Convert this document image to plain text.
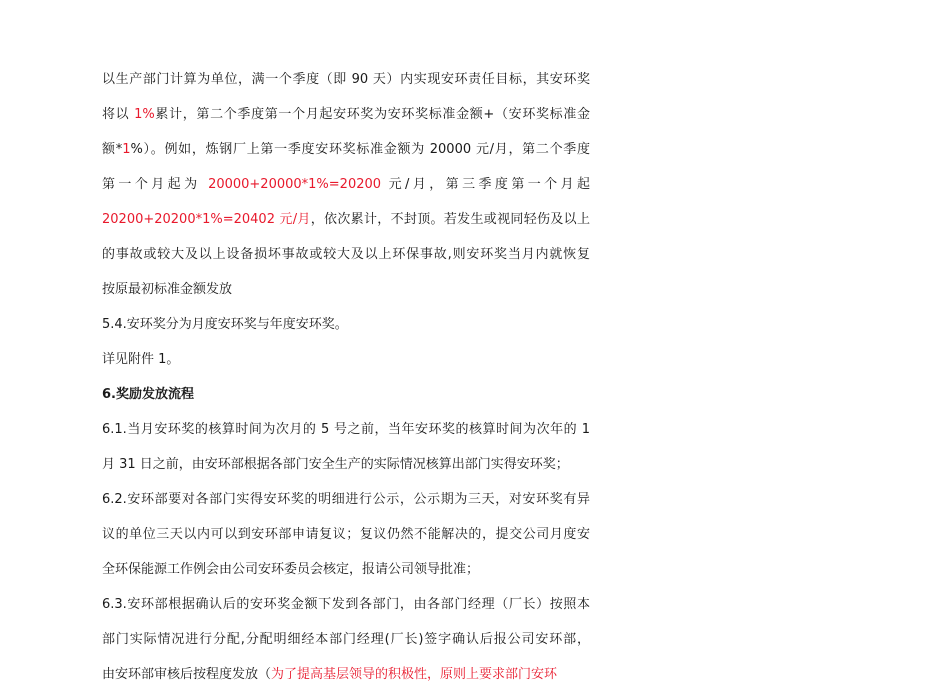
以生产部门计算为单位，满一个季度（即 90 天）内实现安环责任目标，其安环奖
将以 1%累计，第二个季度第一个月起安环奖为安环奖标准金额+（安环奖标准金
额*1%）。例如，炼钢厂上第一季度安环奖标准金额为 20000 元/月，第二个季度
第一个月起为 20000+20000*1%=20200 元/月，第三季度第一个月起
20200+20200*1%=20402 元/月，依次累计，不封顶。若发生或视同轻伤及以上
的事故或较大及以上设备损坏事故或较大及以上环保事故,则安环奖当月内就恢复
按原最初标准金额发放
5.4.安环奖分为月度安环奖与年度安环奖。
详见附件 1。
6.奖励发放流程
6.1.当月安环奖的核算时间为次月的 5 号之前，当年安环奖的核算时间为次年的 1
月 31 日之前，由安环部根据各部门安全生产的实际情况核算出部门实得安环奖；
6.2.安环部要对各部门实得安环奖的明细进行公示，公示期为三天，对安环奖有异
议的单位三天以内可以到安环部申请复议；复议仍然不能解决的，提交公司月度安
全环保能源工作例会由公司安环委员会核定，报请公司领导批准；
6.3.安环部根据确认后的安环奖金额下发到各部门，由各部门经理（厂长）按照本
部门实际情况进行分配,分配明细经本部门经理(厂长)签字确认后报公司安环部，
由安环部审核后按程度发放（为了提高基层领导的积极性，原则上要求部门安环
